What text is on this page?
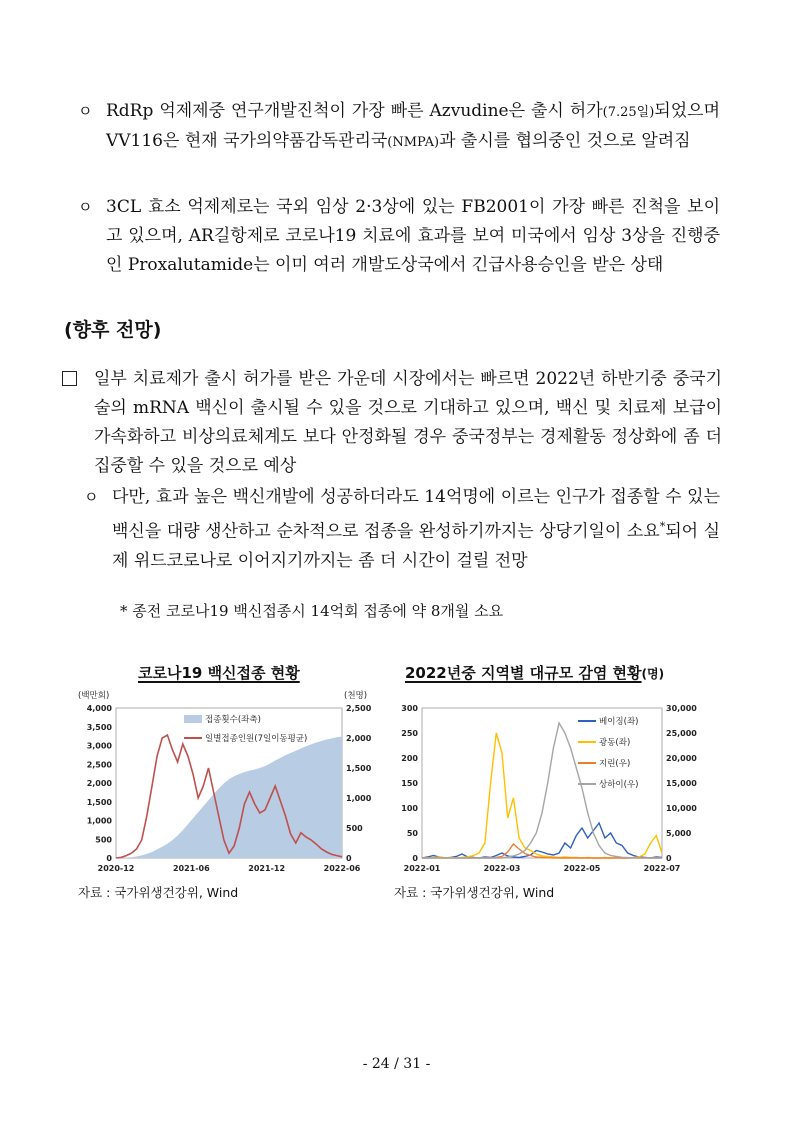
ㅇ RdRp 억제제중 연구개발진척이 가장 빠른 Azvudine은 출시 허가(7.25일)되었으며 VV116은 현재 국가의약품감독관리국(NMPA)과 출시를 협의중인 것으로 알려짐
ㅇ 3CL 효소 억제제로는 국외 임상 2·3상에 있는 FB2001이 가장 빠른 진척을 보이고 있으며, AR길항제로 코로나19 치료에 효과를 보여 미국에서 임상 3상을 진행중인 Proxalutamide는 이미 여러 개발도상국에서 긴급사용승인을 받은 상태
(향후 전망)
일부 치료제가 출시 허가를 받은 가운데 시장에서는 빠르면 2022년 하반기중 중국기술의 mRNA 백신이 출시될 수 있을 것으로 기대하고 있으며, 백신 및 치료제 보급이 가속화하고 비상의료체계도 보다 안정화될 경우 중국정부는 경제활동 정상화에 좀 더 집중할 수 있을 것으로 예상
ㅇ 다만, 효과 높은 백신개발에 성공하더라도 14억명에 이르는 인구가 접종할 수 있는 백신을 대량 생산하고 순차적으로 접종을 완성하기까지는 상당기일이 소요*되어 실제 위드코로나로 이어지기까지는 좀 더 시간이 걸릴 전망
* 종전 코로나19 백신접종시 14억회 접종에 약 8개월 소요
코로나19 백신접종 현황	2022년중 지역별 대규모 감염 현황(명)
(백만회)	(천명)
4,000
3,500
3,000
2,500
2,000
1,500
1,000
500
0
2,500
2,000
1,500
1,000
500
0
2020-12	2021-06	2021-12	2022-06
접종횟수(좌축)
일별접종인원(7일이동평균)
300
250
200
150
100
50
0
30,000
25,000
20,000
15,000
10,000
5,000
0
2022-01	2022-03	2022-05	2022-07
베이징(좌)
광동(좌)
지린(우)
상하이(우)
자료 : 국가위생건강위, Wind	자료 : 국가위생건강위, Wind
- 24 / 31 -
